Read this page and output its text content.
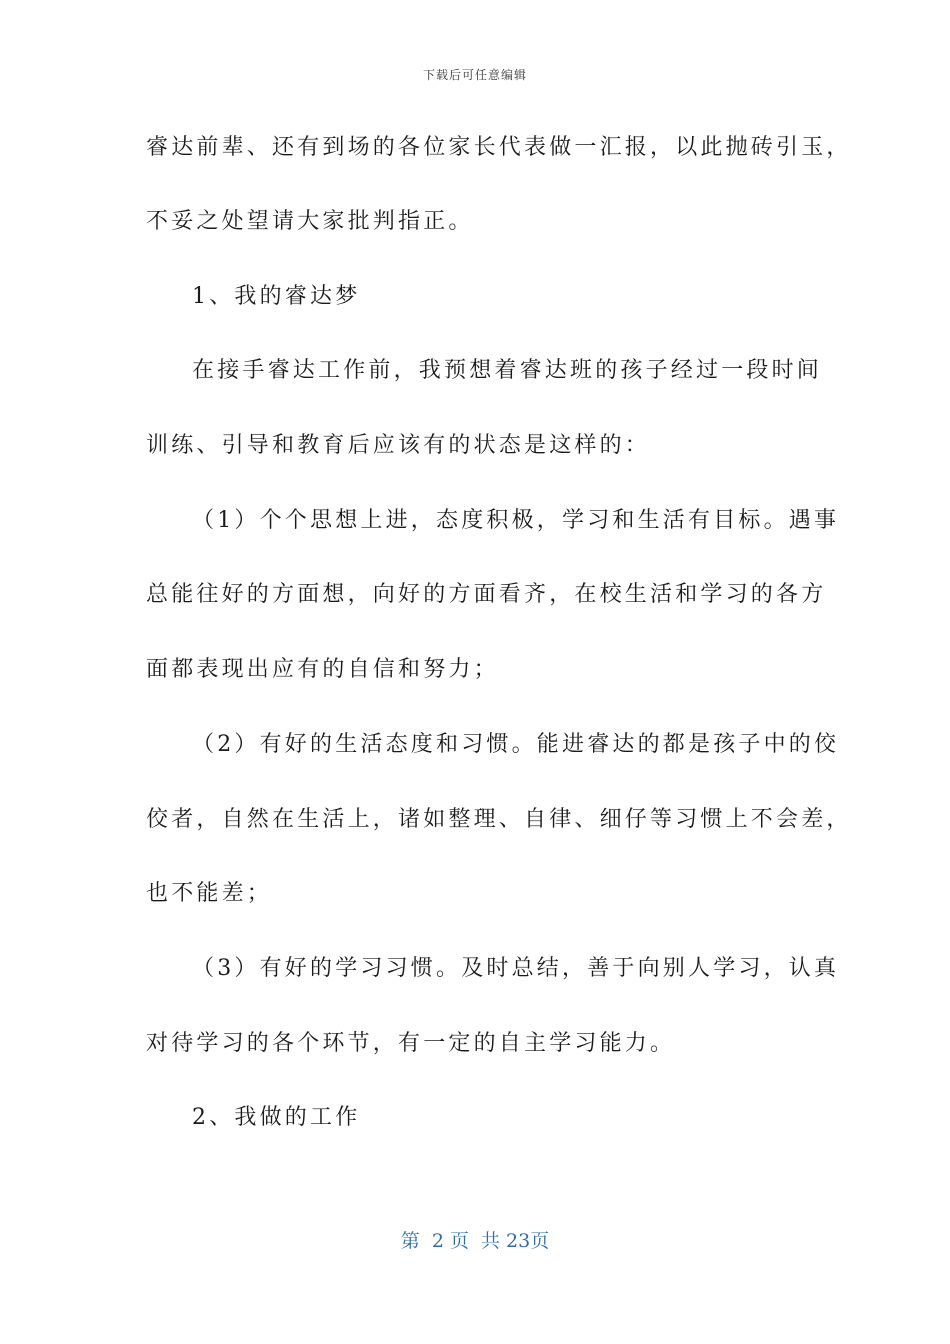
下载后可任意编辑
睿达前辈、还有到场的各位家长代表做一汇报，以此抛砖引玉，
不妥之处望请大家批判指正。
1、我的睿达梦
在接手睿达工作前，我预想着睿达班的孩子经过一段时间
训练、引导和教育后应该有的状态是这样的：
（1）个个思想上进，态度积极，学习和生活有目标。遇事
总能往好的方面想，向好的方面看齐，在校生活和学习的各方
面都表现出应有的自信和努力；
（2）有好的生活态度和习惯。能进睿达的都是孩子中的佼
佼者，自然在生活上，诸如整理、自律、细仔等习惯上不会差，
也不能差；
（3）有好的学习习惯。及时总结，善于向别人学习，认真
对待学习的各个环节，有一定的自主学习能力。
2、我做的工作
第  2 页  共 23页
